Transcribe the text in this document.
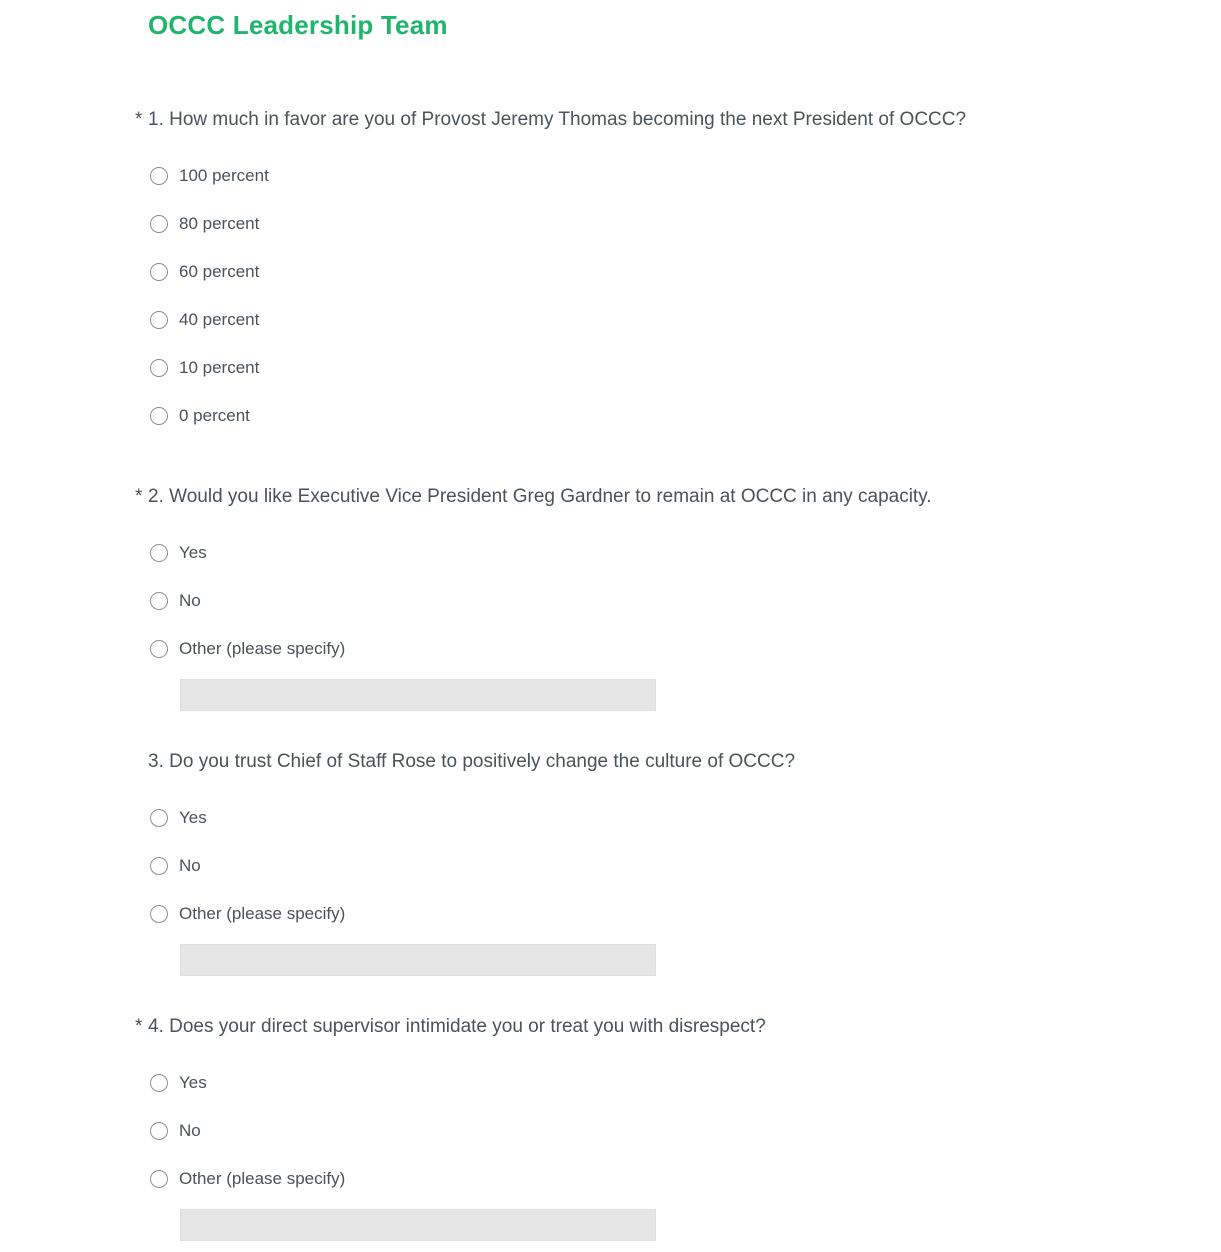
OCCC Leadership Team
* 1. How much in favor are you of Provost Jeremy Thomas becoming the next President of OCCC?
100 percent
80 percent
60 percent
40 percent
10 percent
0 percent
* 2. Would you like Executive Vice President Greg Gardner to remain at OCCC in any capacity.
Yes
No
Other (please specify)
3. Do you trust Chief of Staff Rose to positively change the culture of OCCC?
Yes
No
Other (please specify)
* 4. Does your direct supervisor intimidate you or treat you with disrespect?
Yes
No
Other (please specify)
